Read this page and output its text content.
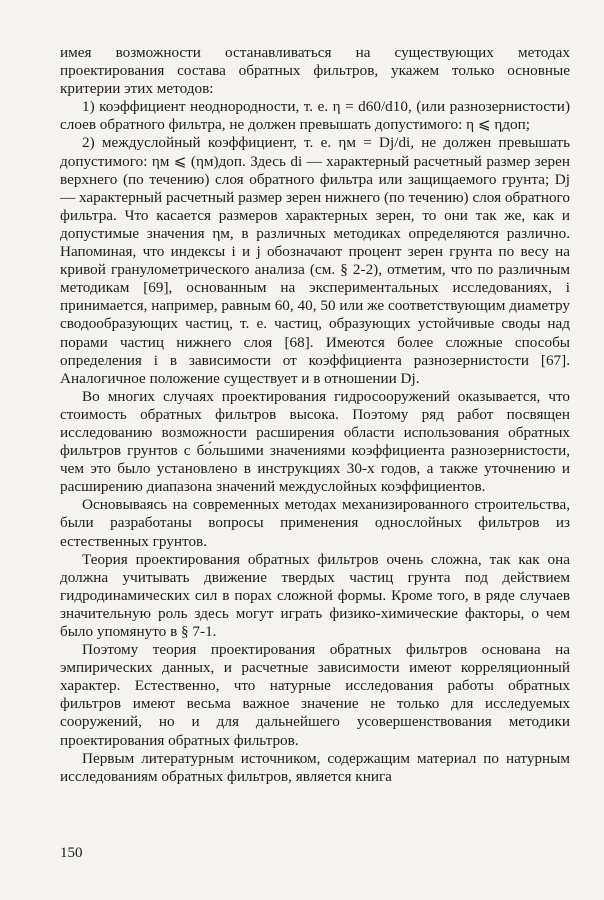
имея возможности останавливаться на существующих методах проектирования состава обратных фильтров, укажем только основные критерии этих методов:

1) коэффициент неоднородности, т. е. η = d60/d10, (или разнозернистости) слоев обратного фильтра, не должен превышать допустимого: η ⩽ ηдоп;

2) междуслойный коэффициент, т. е. ηм = Dj/di, не должен превышать допустимого: ηм ⩽ (ηм)доп. Здесь di — характерный расчетный размер зерен верхнего (по течению) слоя обратного фильтра или защищаемого грунта; Dj — характерный расчетный размер зерен нижнего (по течению) слоя обратного фильтра. Что касается размеров характерных зерен, то они так же, как и допустимые значения ηм, в различных методиках определяются различно. Напоминая, что индексы i и j обозначают процент зерен грунта по весу на кривой гранулометрического анализа (см. § 2-2), отметим, что по различным методикам [69], основанным на экспериментальных исследованиях, i принимается, например, равным 60, 40, 50 или же соответствующим диаметру сводообразующих частиц, т. е. частиц, образующих устойчивые своды над порами частиц нижнего слоя [68]. Имеются более сложные способы определения i в зависимости от коэффициента разнозернистости [67]. Аналогичное положение существует и в отношении Dj.

Во многих случаях проектирования гидросооружений оказывается, что стоимость обратных фильтров высока. Поэтому ряд работ посвящен исследованию возможности расширения области использования обратных фильтров грунтов с бо́льшими значениями коэффициента разнозернистости, чем это было установлено в инструкциях 30-х годов, а также уточнению и расширению диапазона значений междуслойных коэффициентов.

Основываясь на современных методах механизированного строительства, были разработаны вопросы применения однослойных фильтров из естественных грунтов.

Теория проектирования обратных фильтров очень сложна, так как она должна учитывать движение твердых частиц грунта под действием гидродинамических сил в порах сложной формы. Кроме того, в ряде случаев значительную роль здесь могут играть физико-химические факторы, о чем было упомянуто в § 7-1.

Поэтому теория проектирования обратных фильтров основана на эмпирических данных, и расчетные зависимости имеют корреляционный характер. Естественно, что натурные исследования работы обратных фильтров имеют весьма важное значение не только для исследуемых сооружений, но и для дальнейшего усовершенствования методики проектирования обратных фильтров.

Первым литературным источником, содержащим материал по натурным исследованиям обратных фильтров, является книга

150
